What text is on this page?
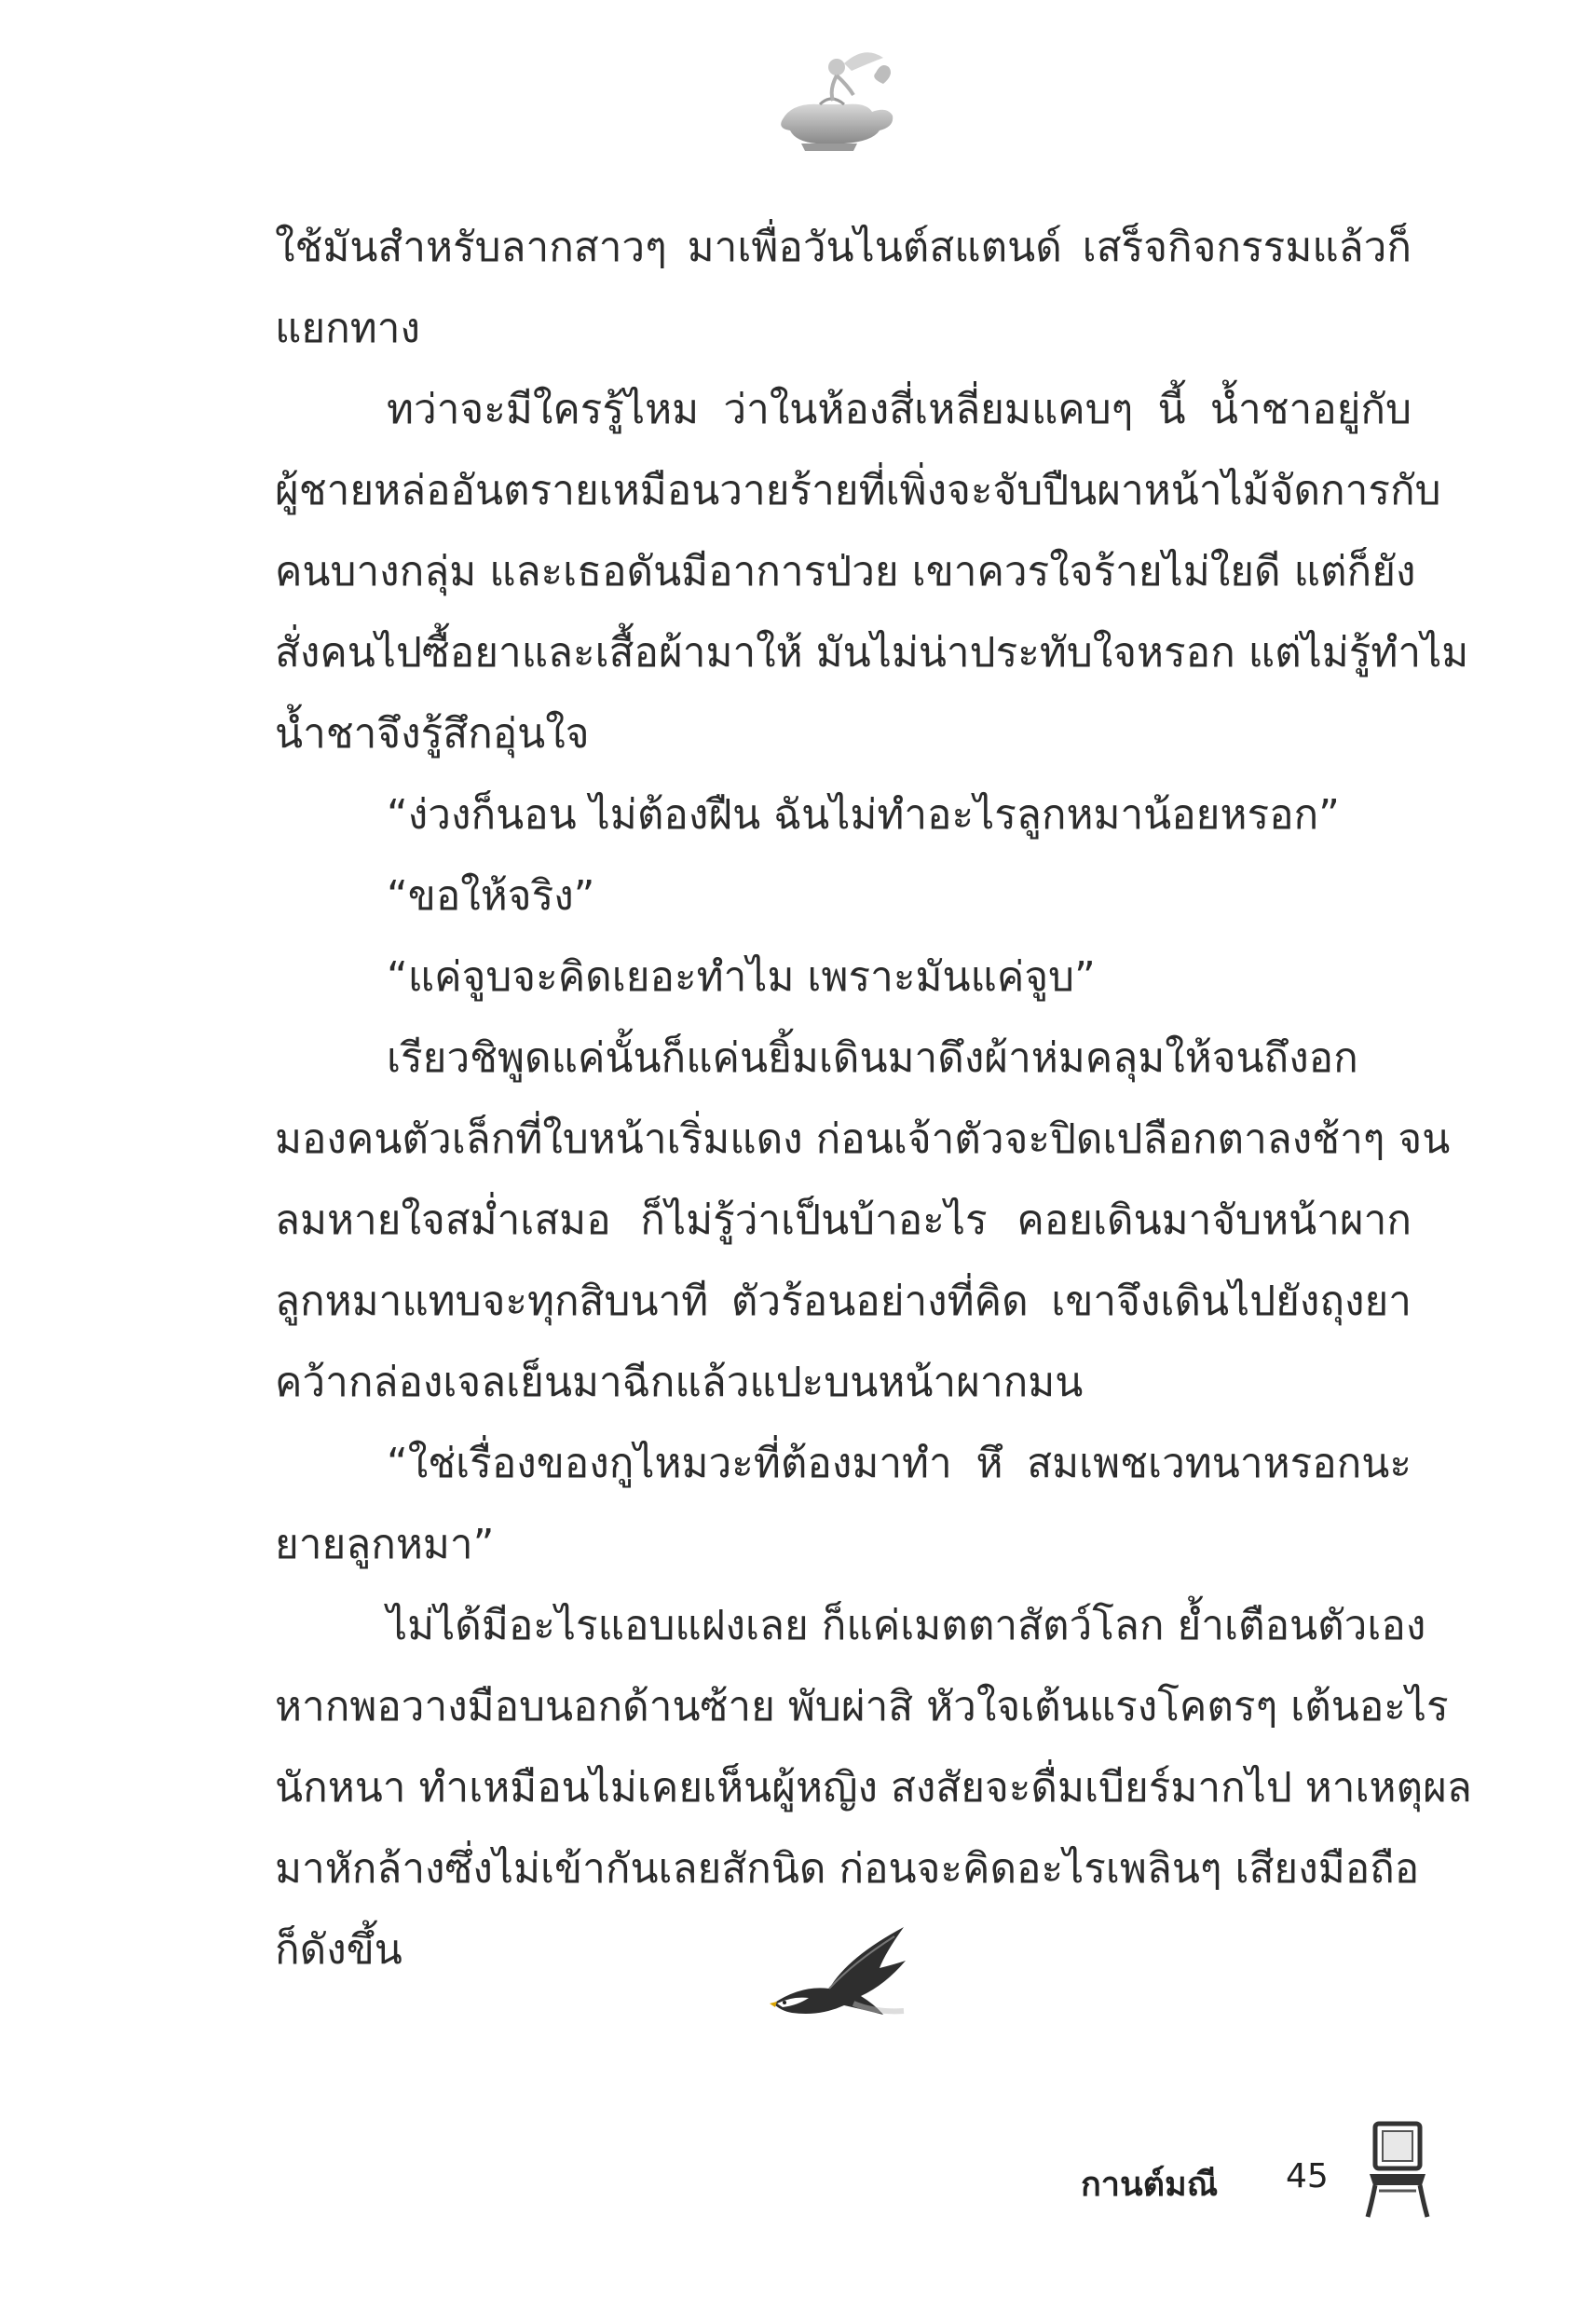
ใช้มันสำหรับลากสาวๆ มาเพื่อวันไนต์สแตนด์ เสร็จกิจกรรมแล้วก็
แยกทาง
ทว่าจะมีใครรู้ไหม ว่าในห้องสี่เหลี่ยมแคบๆ นี้ น้ำชาอยู่กับ
ผู้ชายหล่ออันตรายเหมือนวายร้ายที่เพิ่งจะจับปืนผาหน้าไม้จัดการกับ
คนบางกลุ่ม และเธอดันมีอาการป่วย เขาควรใจร้ายไม่ใยดี แต่ก็ยัง
สั่งคนไปซื้อยาและเสื้อผ้ามาให้ มันไม่น่าประทับใจหรอก แต่ไม่รู้ทำไม
น้ำชาจึงรู้สึกอุ่นใจ
“ง่วงก็นอน ไม่ต้องฝืน ฉันไม่ทำอะไรลูกหมาน้อยหรอก”
“ขอให้จริง”
“แค่จูบจะคิดเยอะทำไม เพราะมันแค่จูบ”
เรียวชิพูดแค่นั้นก็แค่นยิ้มเดินมาดึงผ้าห่มคลุมให้จนถึงอก
มองคนตัวเล็กที่ใบหน้าเริ่มแดง ก่อนเจ้าตัวจะปิดเปลือกตาลงช้าๆ จน
ลมหายใจสม่ำเสมอ ก็ไม่รู้ว่าเป็นบ้าอะไร คอยเดินมาจับหน้าผาก
ลูกหมาแทบจะทุกสิบนาที ตัวร้อนอย่างที่คิด เขาจึงเดินไปยังถุงยา
คว้ากล่องเจลเย็นมาฉีกแล้วแปะบนหน้าผากมน
“ใช่เรื่องของกูไหมวะที่ต้องมาทำ หึ สมเพชเวทนาหรอกนะ
ยายลูกหมา”
ไม่ได้มีอะไรแอบแฝงเลย ก็แค่เมตตาสัตว์โลก ย้ำเตือนตัวเอง
หากพอวางมือบนอกด้านซ้าย พับผ่าสิ หัวใจเต้นแรงโคตรๆ เต้นอะไร
นักหนา ทำเหมือนไม่เคยเห็นผู้หญิง สงสัยจะดื่มเบียร์มากไป หาเหตุผล
มาหักล้างซึ่งไม่เข้ากันเลยสักนิด ก่อนจะคิดอะไรเพลินๆ เสียงมือถือ
ก็ดังขึ้น
กานต์มณี 45
